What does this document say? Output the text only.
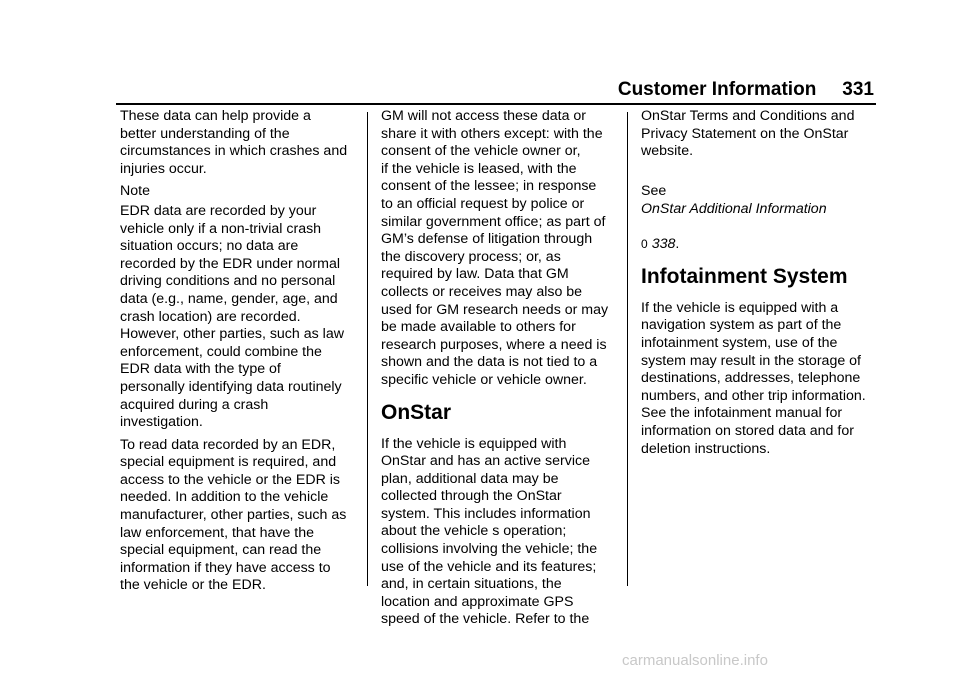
Customer Information 331

These data can help provide a
better understanding of the
circumstances in which crashes and
injuries occur.

Note

EDR data are recorded by your
vehicle only if a non-trivial crash
situation occurs; no data are
recorded by the EDR under normal
driving conditions and no personal
data (e.g., name, gender, age, and
crash location) are recorded.
However, other parties, such as law
enforcement, could combine the
EDR data with the type of
personally identifying data routinely
acquired during a crash
investigation.

To read data recorded by an EDR,
special equipment is required, and
access to the vehicle or the EDR is
needed. In addition to the vehicle
manufacturer, other parties, such as
law enforcement, that have the
special equipment, can read the
information if they have access to
the vehicle or the EDR.

GM will not access these data or
share it with others except: with the
consent of the vehicle owner or,
if the vehicle is leased, with the
consent of the lessee; in response
to an official request by police or
similar government office; as part of
GM’s defense of litigation through
the discovery process; or, as
required by law. Data that GM
collects or receives may also be
used for GM research needs or may
be made available to others for
research purposes, where a need is
shown and the data is not tied to a
specific vehicle or vehicle owner.

OnStar

If the vehicle is equipped with
OnStar and has an active service
plan, additional data may be
collected through the OnStar
system. This includes information
about the vehicle s operation;
collisions involving the vehicle; the
use of the vehicle and its features;
and, in certain situations, the
location and approximate GPS
speed of the vehicle. Refer to the

OnStar Terms and Conditions and
Privacy Statement on the OnStar
website.

See
OnStar Additional Information

0 338.

Infotainment System

If the vehicle is equipped with a
navigation system as part of the
infotainment system, use of the
system may result in the storage of
destinations, addresses, telephone
numbers, and other trip information.
See the infotainment manual for
information on stored data and for
deletion instructions.

carmanualsonline.info
